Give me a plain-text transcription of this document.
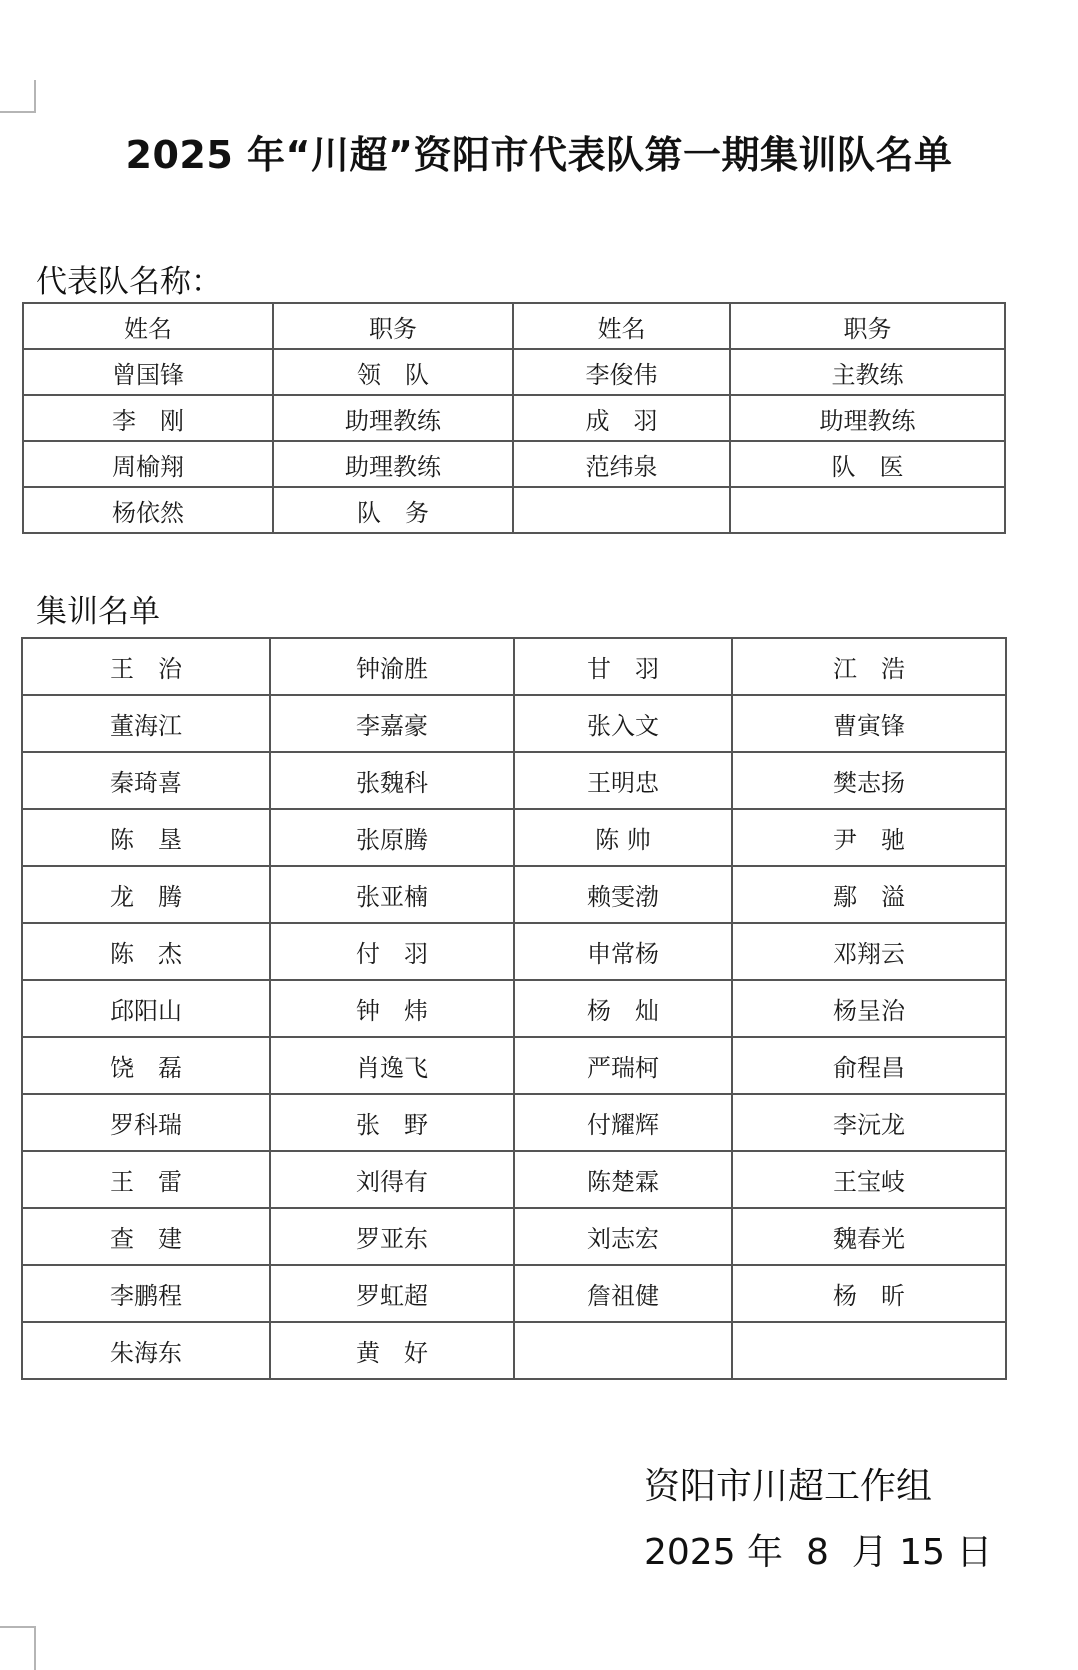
2025 年“川超”资阳市代表队第一期集训队名单
代表队名称：
姓名	职务	姓名	职务
曾国锋	领　队	李俊伟	主教练
李　刚	助理教练	成　羽	助理教练
周榆翔	助理教练	范纬泉	队　医
杨依然	队　务		
集训名单
王　治	钟渝胜	甘　羽	江　浩
董海江	李嘉豪	张入文	曹寅锋
秦琦喜	张魏科	王明忠	樊志扬
陈　垦	张原腾	陈 帅	尹　驰
龙　腾	张亚楠	赖雯渤	鄢　溢
陈　杰	付　羽	申常杨	邓翔云
邱阳山	钟　炜	杨　灿	杨呈治
饶　磊	肖逸飞	严瑞柯	俞程昌
罗科瑞	张　野	付耀辉	李沅龙
王　雷	刘得有	陈楚霖	王宝岐
查　建	罗亚东	刘志宏	魏春光
李鹏程	罗虹超	詹祖健	杨　昕
朱海东	黄　好		
资阳市川超工作组
2025 年  8  月 15 日
